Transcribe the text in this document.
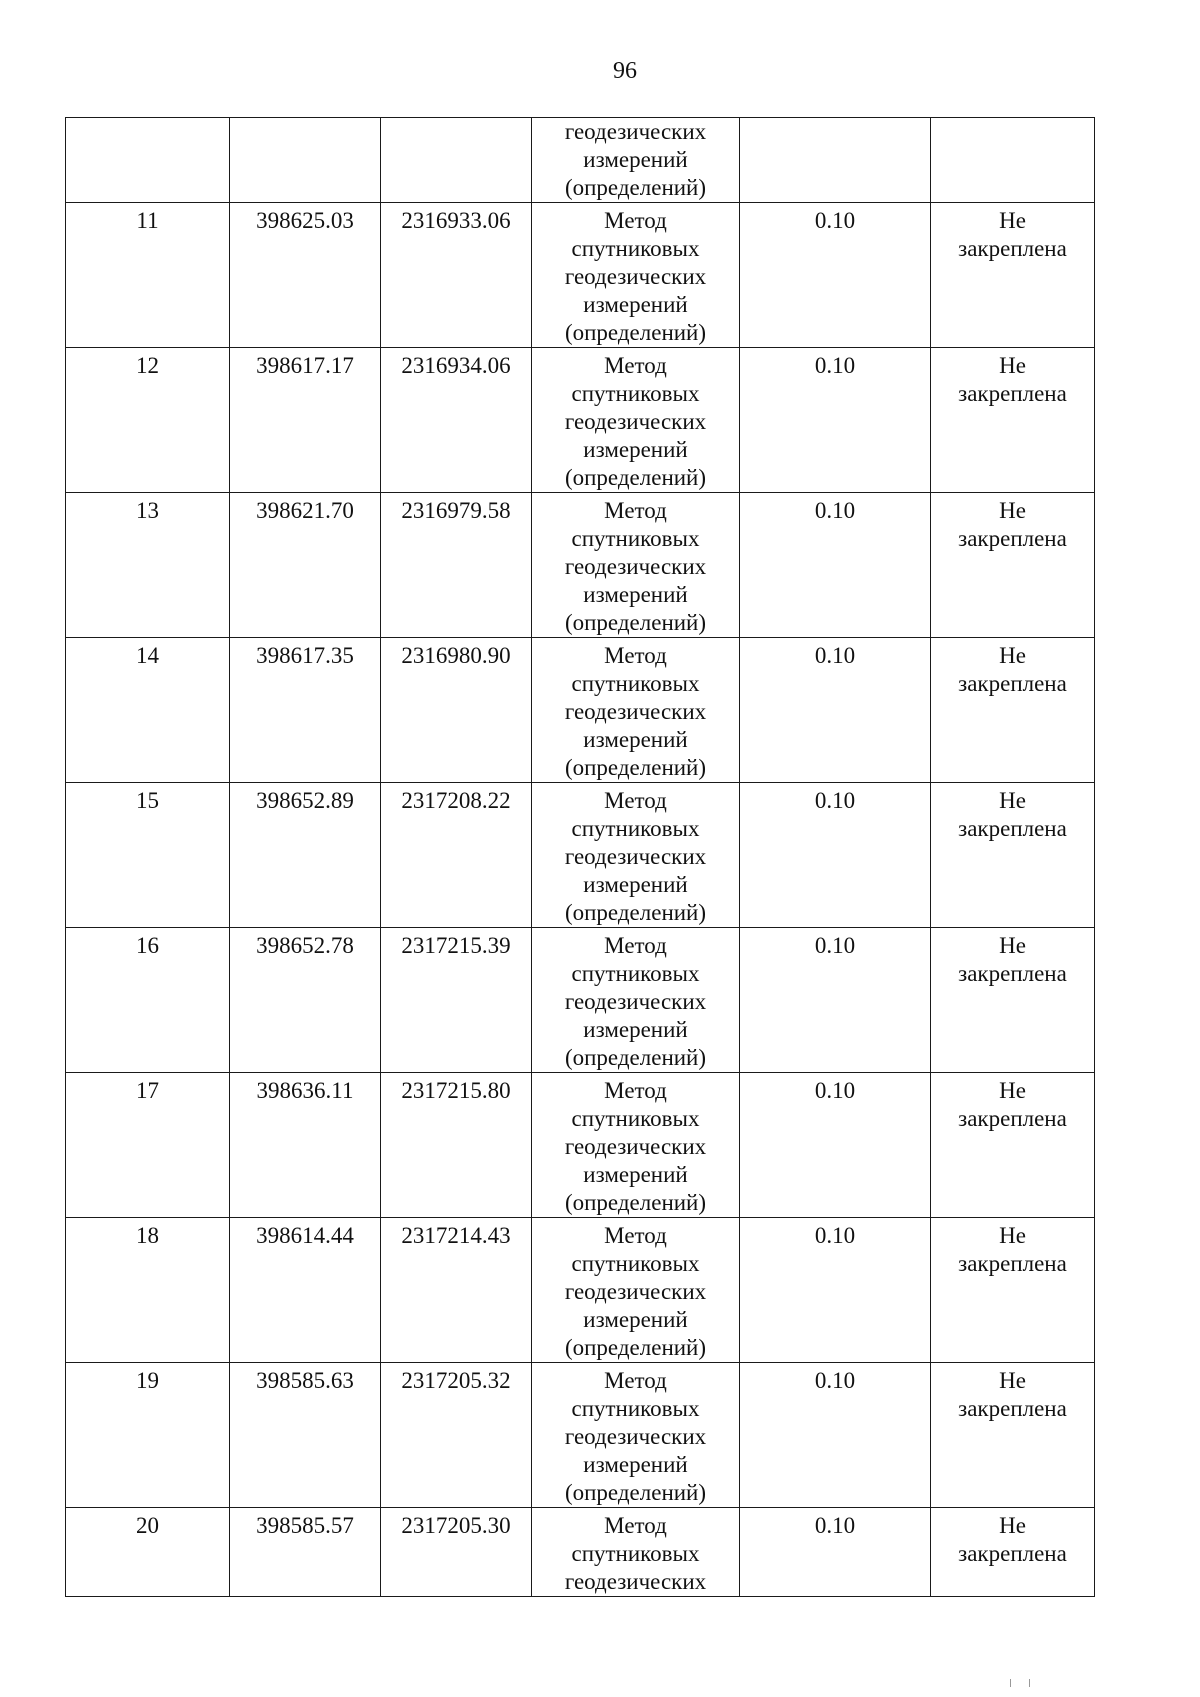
96

			геодезических
измерений
(определений)		

11	398625.03	2316933.06	Метод
спутниковых
геодезических
измерений
(определений)	0.10	Не
закреплена

12	398617.17	2316934.06	Метод
спутниковых
геодезических
измерений
(определений)	0.10	Не
закреплена

13	398621.70	2316979.58	Метод
спутниковых
геодезических
измерений
(определений)	0.10	Не
закреплена

14	398617.35	2316980.90	Метод
спутниковых
геодезических
измерений
(определений)	0.10	Не
закреплена

15	398652.89	2317208.22	Метод
спутниковых
геодезических
измерений
(определений)	0.10	Не
закреплена

16	398652.78	2317215.39	Метод
спутниковых
геодезических
измерений
(определений)	0.10	Не
закреплена

17	398636.11	2317215.80	Метод
спутниковых
геодезических
измерений
(определений)	0.10	Не
закреплена

18	398614.44	2317214.43	Метод
спутниковых
геодезических
измерений
(определений)	0.10	Не
закреплена

19	398585.63	2317205.32	Метод
спутниковых
геодезических
измерений
(определений)	0.10	Не
закреплена

20	398585.57	2317205.30	Метод
спутниковых
геодезических	0.10	Не
закреплена
